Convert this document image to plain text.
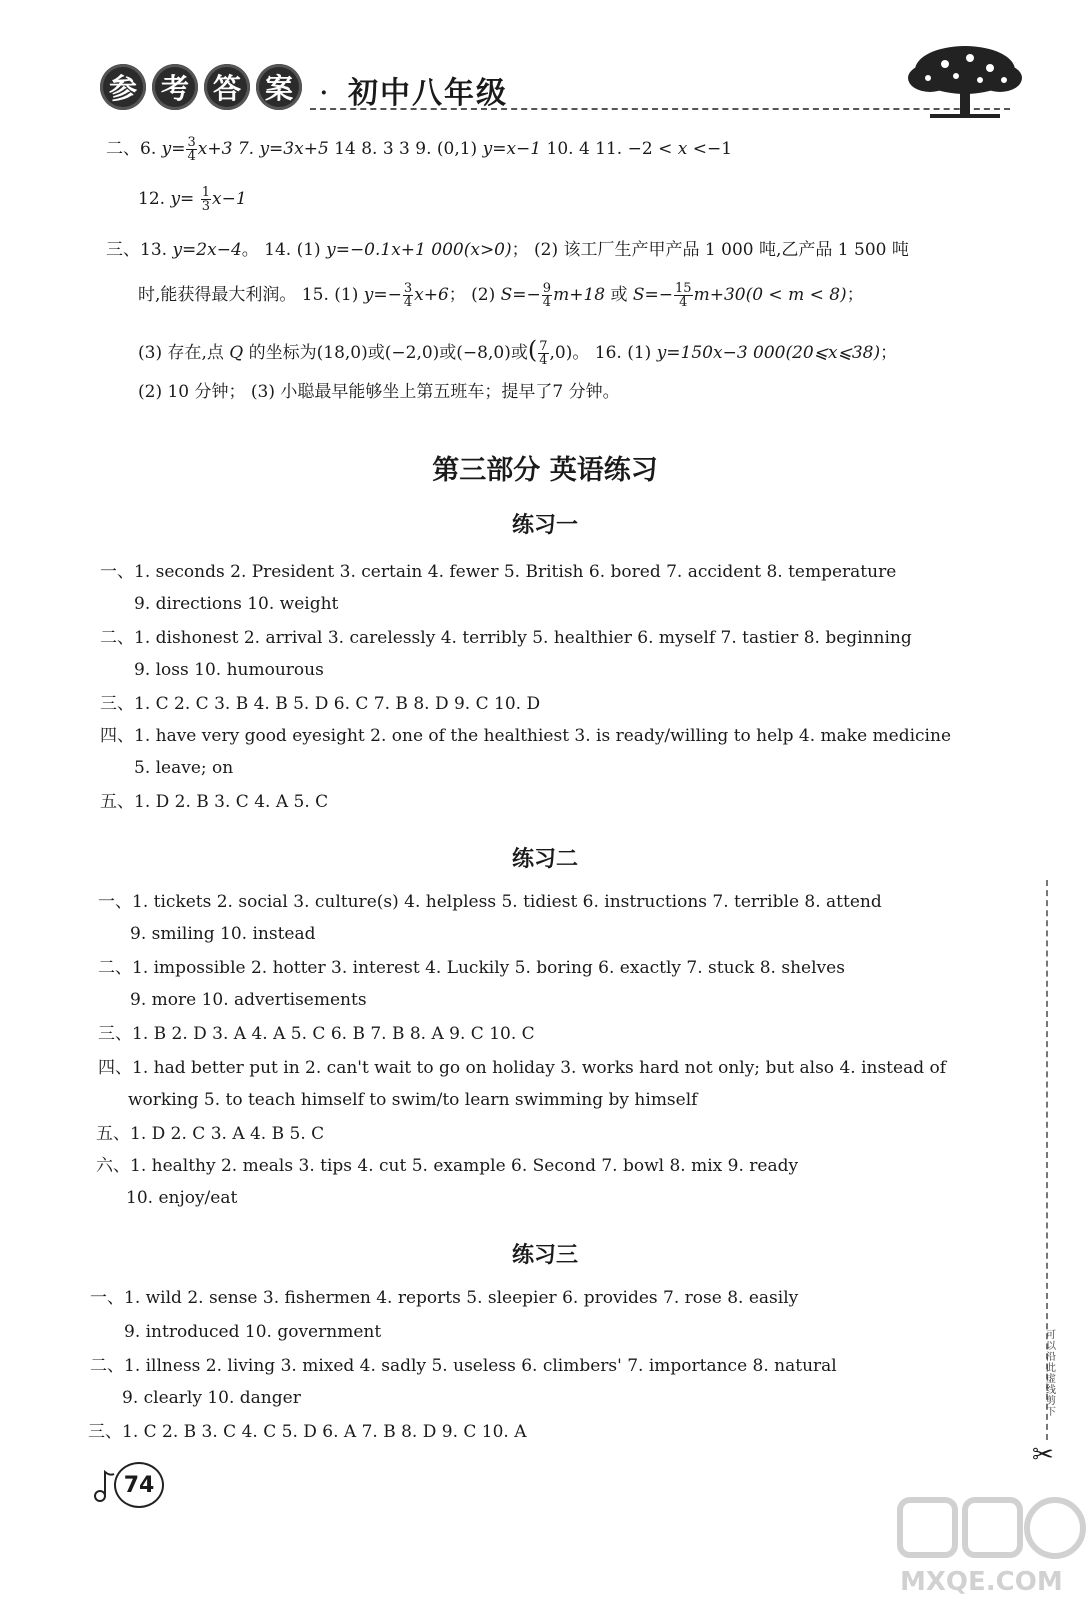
参 考 答 案	· 初中八年级
二、6. $y= \frac{3}{4} x+3$ 7. y=3x+5 14 8. 3 3 9. (0,1) y=x−1 10. 4 11. −2 < x <−1
12. $y= \frac{1}{3} x-1$
三、13. y=2x−4。 14. (1) y=−0.1x+1 000(x>0)； (2) 该工厂生产甲产品 1 000 吨,乙产品 1 500 吨
时,能获得最大利润。 15. (1) $y=- \frac{3}{4} x+6$； (2) $S=- \frac{9}{4} m+18$ 或 $S=- \frac{15}{4} m+30(0 < m < 8)$；
(3) 存在,点 Q 的坐标为(18,0)或(−2,0)或(−8,0)或( $\frac{7}{4} ,0$)。 16. (1) y=150x−3 000(20⩽x⩽38)；
(2) 10 分钟； (3) 小聪最早能够坐上第五班车；提早了7 分钟。
第三部分 英语练习
练习一
一、1. seconds 2. President 3. certain 4. fewer 5. British 6. bored 7. accident 8. temperature
9. directions 10. weight
二、1. dishonest 2. arrival 3. carelessly 4. terribly 5. healthier 6. myself 7. tastier 8. beginning
9. loss 10. humourous
三、1. C 2. C 3. B 4. B 5. D 6. C 7. B 8. D 9. C 10. D
四、1. have very good eyesight 2. one of the healthiest 3. is ready/willing to help 4. make medicine
5. leave; on
五、1. D 2. B 3. C 4. A 5. C
练习二
一、1. tickets 2. social 3. culture(s) 4. helpless 5. tidiest 6. instructions 7. terrible 8. attend
9. smiling 10. instead
二、1. impossible 2. hotter 3. interest 4. Luckily 5. boring 6. exactly 7. stuck 8. shelves
9. more 10. advertisements
三、1. B 2. D 3. A 4. A 5. C 6. B 7. B 8. A 9. C 10. C
四、1. had better put in 2. can't wait to go on holiday 3. works hard not only; but also 4. instead of
working 5. to teach himself to swim/to learn swimming by himself
五、1. D 2. C 3. A 4. B 5. C
六、1. healthy 2. meals 3. tips 4. cut 5. example 6. Second 7. bowl 8. mix 9. ready
10. enjoy/eat
练习三
一、1. wild 2. sense 3. fishermen 4. reports 5. sleepier 6. provides 7. rose 8. easily
9. introduced 10. government
二、1. illness 2. living 3. mixed 4. sadly 5. useless 6. climbers' 7. importance 8. natural
9. clearly 10. danger
三、1. C 2. B 3. C 4. C 5. D 6. A 7. B 8. D 9. C 10. A
74
可以沿此虚线剪下
✂
MXQE.COM
